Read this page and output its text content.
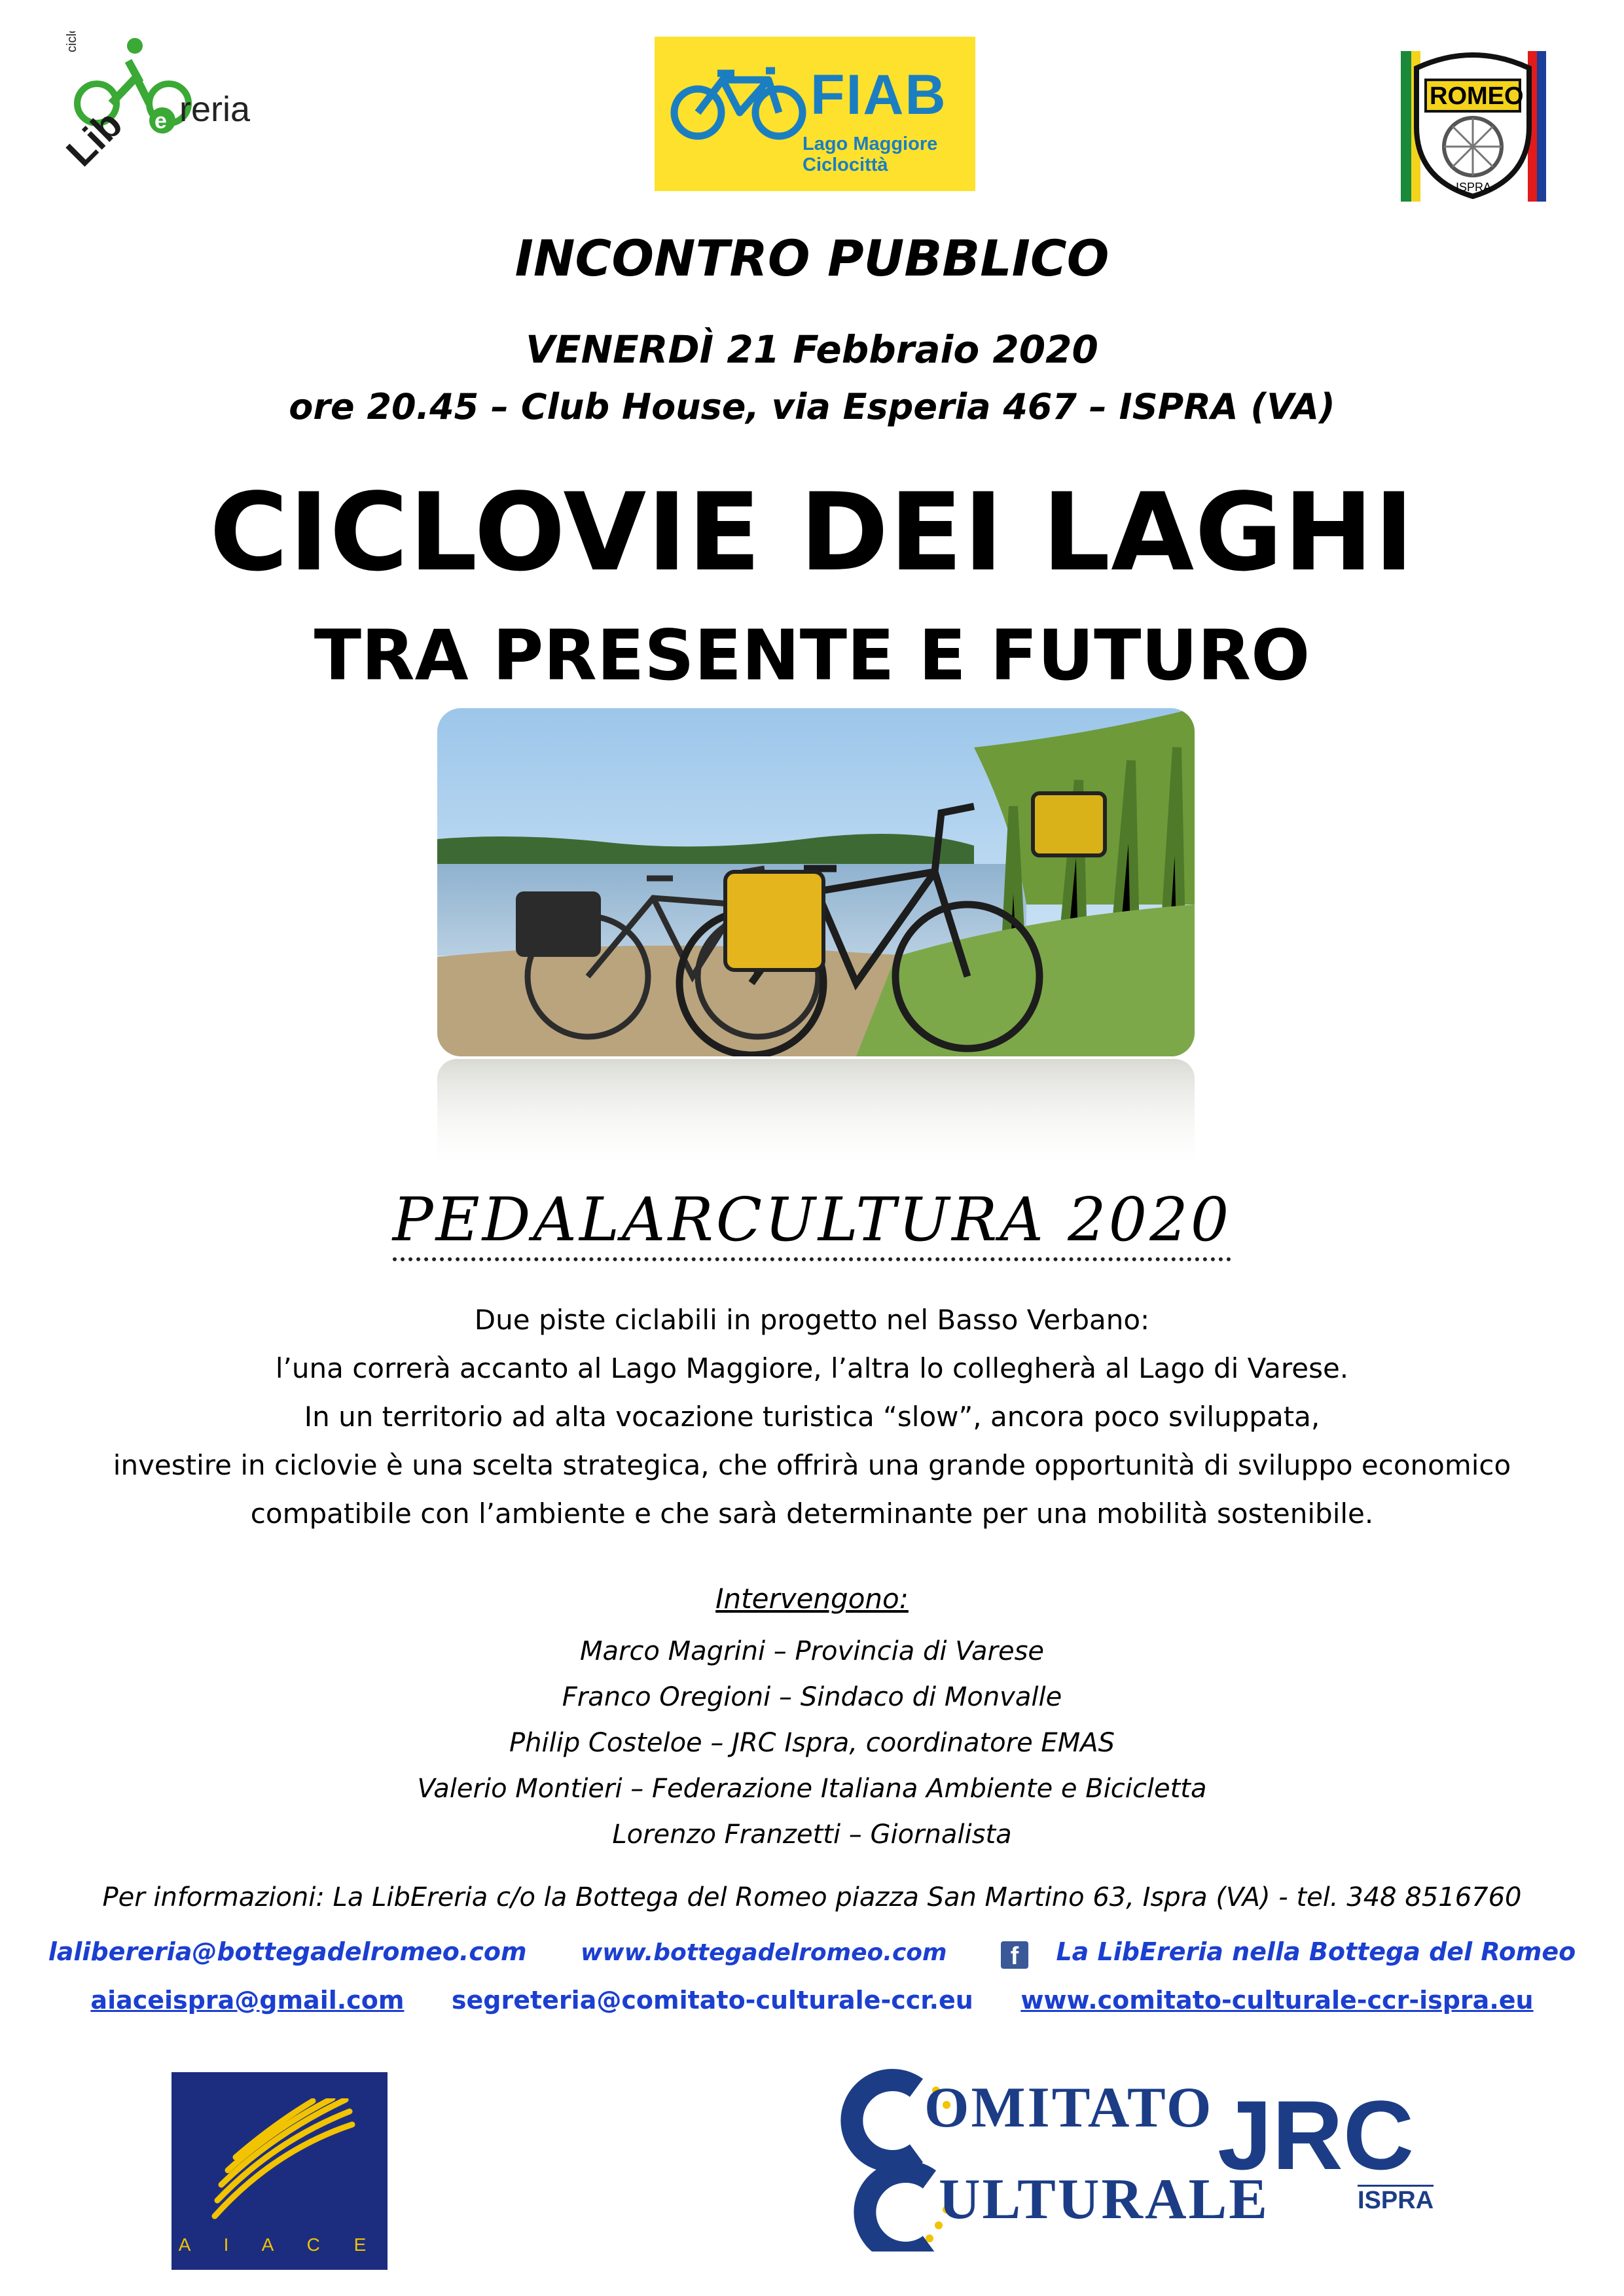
ciclo
Lib e reria	FIAB
Lago Maggiore
Ciclocittà
ROMEO
ISPRA
INCONTRO PUBBLICO
VENERDÌ 21 Febbraio 2020
ore 20.45 – Club House, via Esperia 467 – ISPRA (VA)
CICLOVIE DEI LAGHI
TRA PRESENTE E FUTURO
PEDALARCULTURA 2020
Due piste ciclabili in progetto nel Basso Verbano:
l’una correrà accanto al Lago Maggiore, l’altra lo collegherà al Lago di Varese.
In un territorio ad alta vocazione turistica “slow”, ancora poco sviluppata,
investire in ciclovie è una scelta strategica, che offrirà una grande opportunità di sviluppo economico
compatibile con l’ambiente e che sarà determinante per una mobilità sostenibile.
Intervengono:
Marco Magrini – Provincia di Varese
Franco Oregioni – Sindaco di Monvalle
Philip Costeloe – JRC Ispra, coordinatore EMAS
Valerio Montieri – Federazione Italiana Ambiente e Bicicletta
Lorenzo Franzetti – Giornalista
Per informazioni: La LibEreria c/o la Bottega del Romeo piazza San Martino 63, Ispra (VA) - tel. 348 8516760
lalibereria@bottegadelromeo.com www.bottegadelromeo.com	f La LibEreria nella Bottega del Romeo
aiaceispra@gmail.com segreteria@comitato-culturale-ccr.eu www.comitato-culturale-ccr-ispra.eu
A I A C E
OMITATO
ULTURALE
JRC
ISPRA
